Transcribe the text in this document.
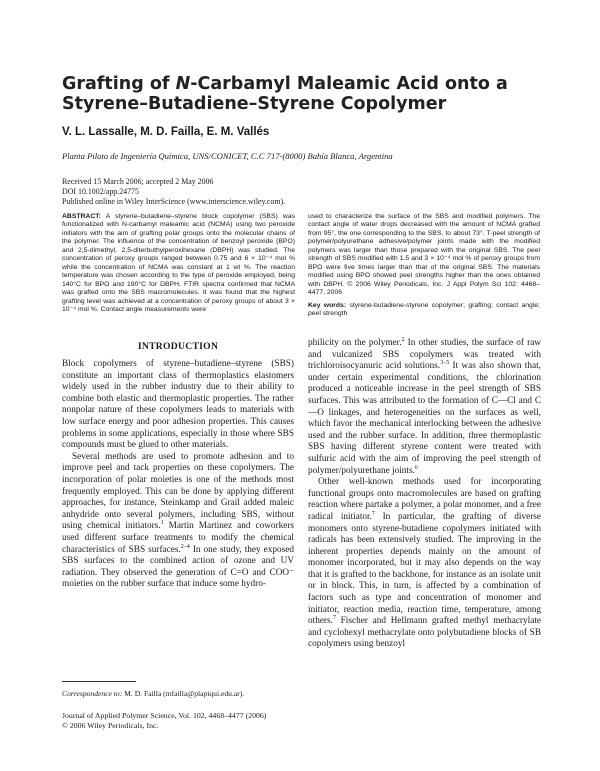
Grafting of N-Carbamyl Maleamic Acid onto a
Styrene–Butadiene–Styrene Copolymer
V. L. Lassalle, M. D. Failla, E. M. Vallés
Planta Piloto de Ingeniería Química, UNS/CONICET, C.C 717-(8000) Bahía Blanca, Argentina
Received 15 March 2006; accepted 2 May 2006
DOI 10.1002/app.24775
Published online in Wiley InterScience (www.interscience.wiley.com).
ABSTRACT: A styrene–butadiene–styrene block copolymer (SBS) was functionalized with N-carbamyl maleamic acid (NCMA) using two peroxide initiators with the aim of grafting polar groups onto the molecular chains of the polymer. The influence of the concentration of benzoyl peroxide (BPO) and 2,5-dimethyl, 2,5-diterbuthylperoxihexane (DBPH) was studied. The concentration of peroxy groups ranged between 0.75 and 6 × 10⁻⁴ mol % while the concentration of NCMA was constant at 1 wt %. The reaction temperature was chosen according to the type of peroxide employed, being 140°C for BPO and 190°C for DBPH. FTIR spectra confirmed that NCMA was grafted onto the SBS macromolecules. It was found that the highest grafting level was achieved at a concentration of peroxy groups of about 3 × 10⁻⁴ mol %. Contact angle measurements were
used to characterize the surface of the SBS and modified polymers. The contact angle of water drops decreased with the amount of NCMA grafted from 95°, the one corresponding to the SBS, to about 73°. T-peel strength of polymer/polyurethane adhesive/polymer joints made with the modified polymers was larger than those prepared with the original SBS. The peel strength of SBS modified with 1.5 and 3 × 10⁻⁴ mol % of peroxy groups from BPO were five times larger than that of the original SBS. The materials modified using BPO showed peel strengths higher than the ones obtained with DBPH. © 2006 Wiley Periodicals, Inc. J Appl Polym Sci 102: 4468–4477, 2006
Key words: styrene-butadiene-styrene copolymer; grafting; contact angle; peel strength
INTRODUCTION

Block copolymers of styrene–butadiene–styrene (SBS) constitute an important class of thermoplastics elastomers widely used in the rubber industry due to their ability to combine both elastic and thermoplastic properties. The rather nonpolar nature of these copolymers leads to materials with low surface energy and poor adhesion properties. This causes problems in some applications, especially in those where SBS compounds must be glued to other materials.

Several methods are used to promote adhesion and to improve peel and tack properties on these copolymers. The incorporation of polar moieties is one of the methods most frequently employed. This can be done by applying different approaches, for instance, Steinkamp and Grail added maleic anhydride onto several polymers, including SBS, without using chemical initiators.$^1$ Martin Martinez and coworkers used different surface treatments to modify the chemical characteristics of SBS surfaces.$^{2-4}$ In one study, they exposed SBS surfaces to the combined action of ozone and UV radiation. They observed the generation of C=O and COO⁻ moieties on the rubber surface that induce some hydro-

philicity on the polymer.$^2$ In other studies, the surface of raw and vulcanized SBS copolymers was treated with trichloroisocyanuric acid solutions.$^{3-5}$ It was also shown that, under certain experimental conditions, the chlorination produced a noticeable increase in the peel strength of SBS surfaces. This was attributed to the formation of C—Cl and C—O linkages, and heterogeneities on the surfaces as well, which favor the mechanical interlocking between the adhesive used and the rubber surface. In addition, three thermoplastic SBS having different styrene content were treated with sulfuric acid with the aim of improving the peel strength of polymer/polyurethane joints.$^6$

Other well-known methods used for incorporating functional groups onto macromolecules are based on grafting reaction where partake a polymer, a polar monomer, and a free radical initiator.$^7$ In particular, the grafting of diverse monomers onto styrene-butadiene copolymers initiated with radicals has been extensively studied. The improving in the inherent properties depends mainly on the amount of monomer incorporated, but it may also depends on the way that it is grafted to the backbone, for instance as an isolate unit or in block. This, in turn, is affected by a combination of factors such as type and concentration of monomer and initiator, reaction media, reaction time, temperature, among others.$^7$ Fischer and Hellmann grafted methyl methacrylate and cyclohexyl methacrylate onto polybutadiene blocks of SB copolymers using benzoyl

Correspondence to: M. D. Failla (mfailla@plapiqui.edu.ar).
Journal of Applied Polymer Science, Vol. 102, 4468–4477 (2006)
© 2006 Wiley Periodicals, Inc.
